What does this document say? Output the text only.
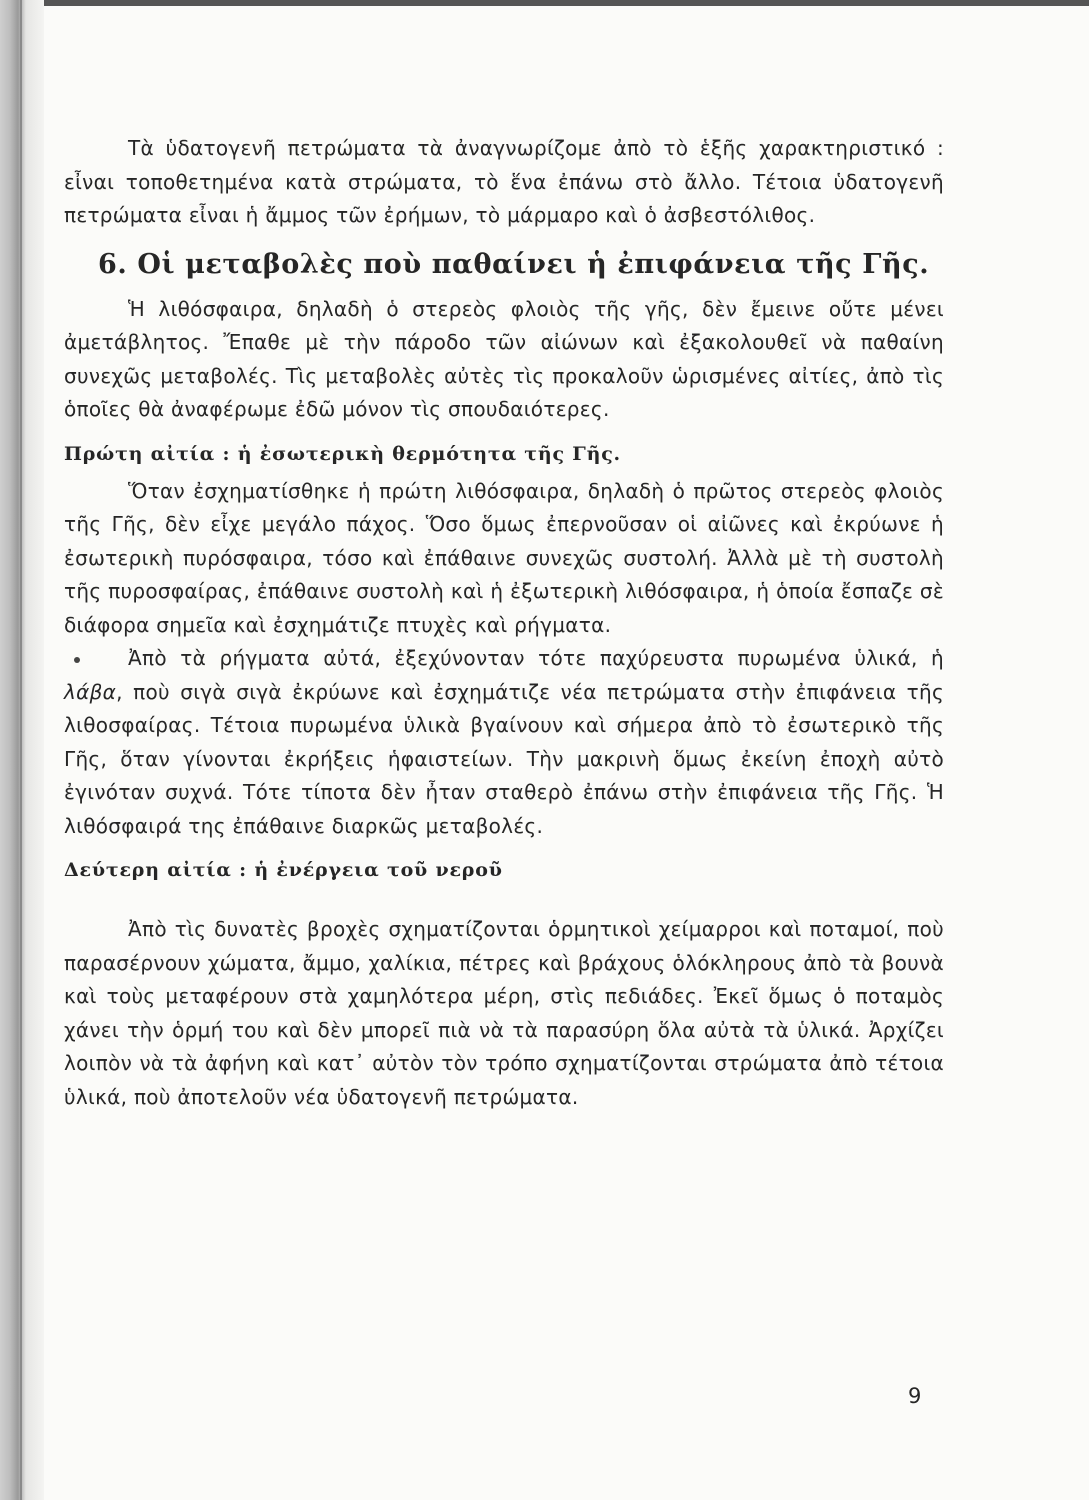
Τὰ ὑδατογενῆ πετρώματα τὰ ἀναγνωρίζομε ἀπὸ τὸ ἑξῆς χαρακτηριστικό : εἶναι τοποθετημένα κατὰ στρώματα, τὸ ἕνα ἐπάνω στὸ ἄλλο. Τέτοια ὑδατογενῆ πετρώματα εἶναι ἡ ἄμμος τῶν ἐρήμων, τὸ μάρμαρο καὶ ὁ ἀσβεστόλιθος.

6. Οἱ μεταβολὲς ποὺ παθαίνει ἡ ἐπιφάνεια τῆς Γῆς.

Ἡ λιθόσφαιρα, δηλαδὴ ὁ στερεὸς φλοιὸς τῆς γῆς, δὲν ἔμεινε οὔτε μένει ἀμετάβλητος. Ἔπαθε μὲ τὴν πάροδο τῶν αἰώνων καὶ ἐξακολουθεῖ νὰ παθαίνη συνεχῶς μεταβολές. Τὶς μεταβολὲς αὐτὲς τὶς προκαλοῦν ὡρισμένες αἰτίες, ἀπὸ τὶς ὁποῖες θὰ ἀναφέρωμε ἐδῶ μόνον τὶς σπουδαιότερες.

Πρώτη αἰτία : ἡ ἐσωτερικὴ θερμότητα τῆς Γῆς.

Ὅταν ἐσχηματίσθηκε ἡ πρώτη λιθόσφαιρα, δηλαδὴ ὁ πρῶτος στερεὸς φλοιὸς τῆς Γῆς, δὲν εἶχε μεγάλο πάχος. Ὅσο ὅμως ἐπερνοῦσαν οἱ αἰῶνες καὶ ἐκρύωνε ἡ ἐσωτερικὴ πυρόσφαιρα, τόσο καὶ ἐπάθαινε συνεχῶς συστολή. Ἀλλὰ μὲ τὴ συστολὴ τῆς πυροσφαίρας, ἐπάθαινε συστολὴ καὶ ἡ ἐξωτερικὴ λιθόσφαιρα, ἡ ὁποία ἔσπαζε σὲ διάφορα σημεῖα καὶ ἐσχημάτιζε πτυχὲς καὶ ρήγματα.

Ἀπὸ τὰ ρήγματα αὐτά, ἐξεχύνονταν τότε παχύρευστα πυρωμένα ὑλικά, ἡ λάβα, ποὺ σιγὰ σιγὰ ἐκρύωνε καὶ ἐσχημάτιζε νέα πετρώματα στὴν ἐπιφάνεια τῆς λιθοσφαίρας. Τέτοια πυρωμένα ὑλικὰ βγαίνουν καὶ σήμερα ἀπὸ τὸ ἐσωτερικὸ τῆς Γῆς, ὅταν γίνονται ἐκρήξεις ἡφαιστείων. Τὴν μακρινὴ ὅμως ἐκείνη ἐποχὴ αὐτὸ ἐγινόταν συχνά. Τότε τίποτα δὲν ἦταν σταθερὸ ἐπάνω στὴν ἐπιφάνεια τῆς Γῆς. Ἡ λιθόσφαιρά της ἐπάθαινε διαρκῶς μεταβολές.

Δεύτερη αἰτία : ἡ ἐνέργεια τοῦ νεροῦ

Ἀπὸ τὶς δυνατὲς βροχὲς σχηματίζονται ὁρμητικοὶ χείμαρροι καὶ ποταμοί, ποὺ παρασέρνουν χώματα, ἄμμο, χαλίκια, πέτρες καὶ βράχους ὁλόκληρους ἀπὸ τὰ βουνὰ καὶ τοὺς μεταφέρουν στὰ χαμηλότερα μέρη, στὶς πεδιάδες. Ἐκεῖ ὅμως ὁ ποταμὸς χάνει τὴν ὁρμή του καὶ δὲν μπορεῖ πιὰ νὰ τὰ παρασύρη ὅλα αὐτὰ τὰ ὑλικά. Ἀρχίζει λοιπὸν νὰ τὰ ἀφήνη καὶ κατ᾽ αὐτὸν τὸν τρόπο σχηματίζονται στρώματα ἀπὸ τέτοια ὑλικά, ποὺ ἀποτελοῦν νέα ὑδατογενῆ πετρώματα.

9
